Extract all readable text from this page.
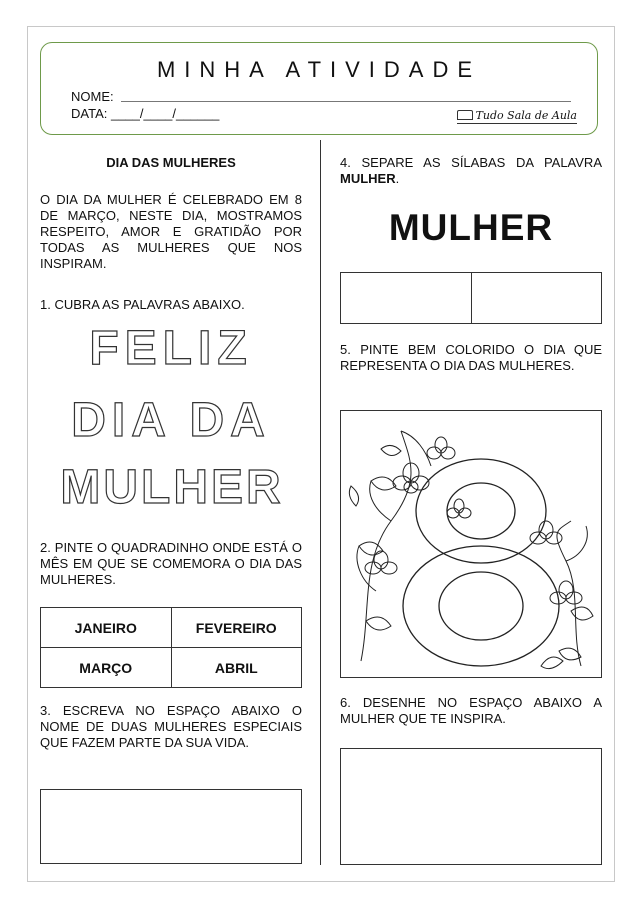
MINHA ATIVIDADE
NOME:
DATA: ____/____/______	Tudo Sala de Aula

DIA DAS MULHERES

O DIA DA MULHER É CELEBRADO EM 8 DE MARÇO, NESTE DIA, MOSTRAMOS RESPEITO, AMOR E GRATIDÃO POR TODAS AS MULHERES QUE NOS INSPIRAM.

1. CUBRA AS PALAVRAS ABAIXO.

FELIZ
DIA DA
MULHER

2. PINTE O QUADRADINHO ONDE ESTÁ O MÊS EM QUE SE COMEMORA O DIA DAS MULHERES.

JANEIRO	FEVEREIRO
MARÇO	ABRIL

3. ESCREVA NO ESPAÇO ABAIXO O NOME DE DUAS MULHERES ESPECIAIS QUE FAZEM PARTE DA SUA VIDA.

4. SEPARE AS SÍLABAS DA PALAVRA MULHER.

MULHER

5. PINTE BEM COLORIDO O DIA QUE REPRESENTA O DIA DAS MULHERES.

6. DESENHE NO ESPAÇO ABAIXO A MULHER QUE TE INSPIRA.
